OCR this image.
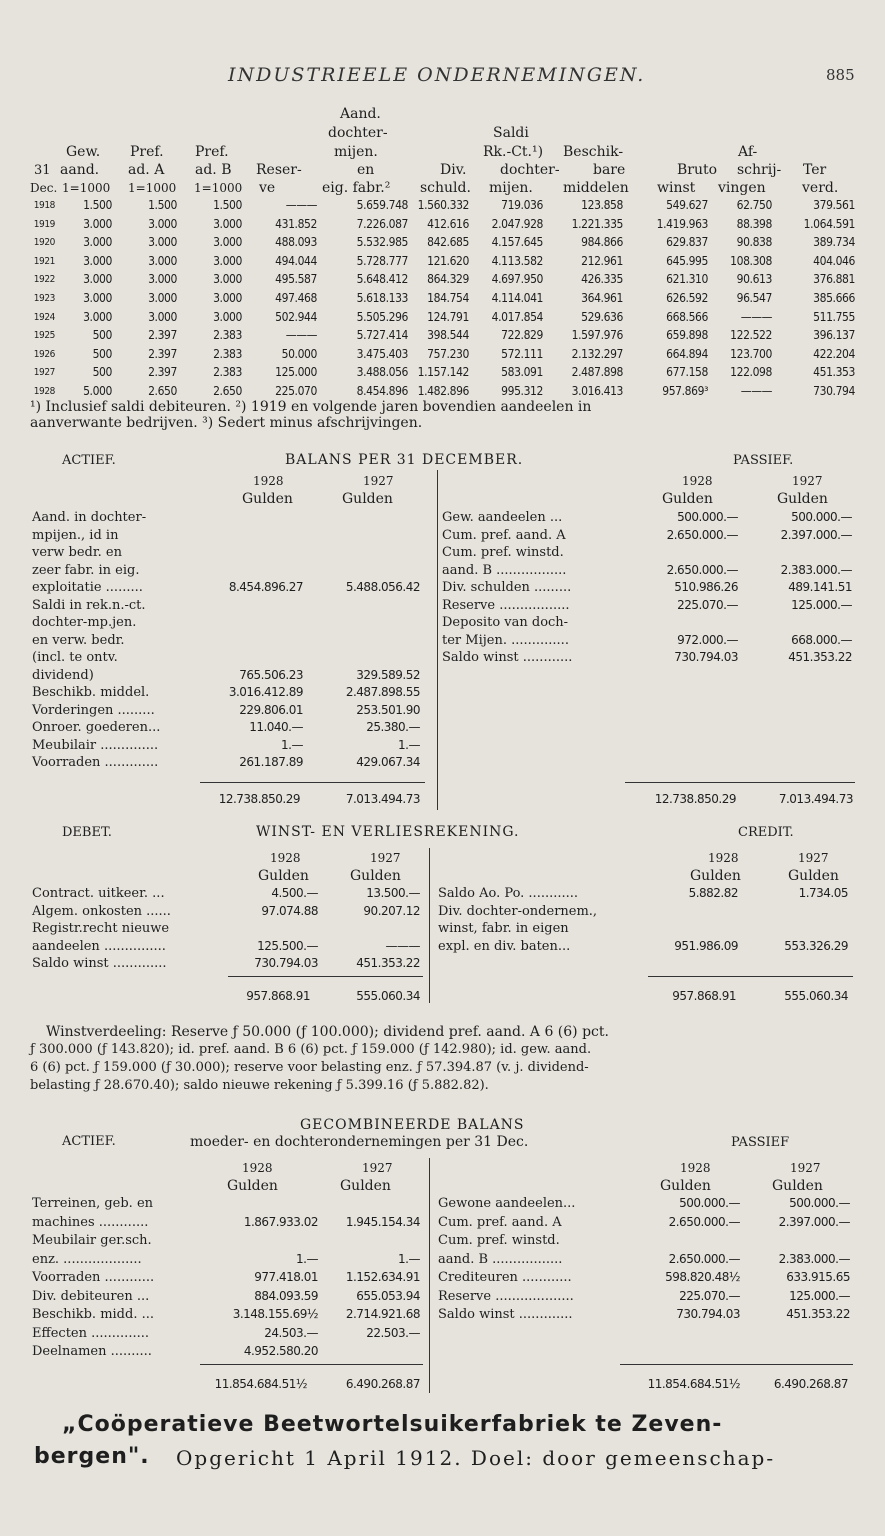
INDUSTRIEELE ONDERNEMINGEN.	885
Aand.
dochter-	Saldi
Gew. Pref. Pref.	mijen.	Rk.-Ct.¹) Beschik-	Af-
31 aand. ad. A ad. B Reser-	en	Div. dochter- bare	Bruto schrij- Ter
Dec. 1=1000 1=1000 1=1000 ve	eig. fabr.² schuld. mijen. middelen winst vingen	verd.
1918	1.500	1.500	1.500	———	5.659.748 1.560.332	719.036	123.858	549.627	62.750	379.561
1919	3.000	3.000	3.000	431.852	7.226.087	412.616	2.047.928	1.221.335	1.419.963	88.398	1.064.591
1920	3.000	3.000	3.000	488.093	5.532.985	842.685	4.157.645	984.866	629.837	90.838	389.734
1921	3.000	3.000	3.000	494.044	5.728.777	121.620	4.113.582	212.961	645.995	108.308	404.046
1922	3.000	3.000	3.000	495.587	5.648.412	864.329	4.697.950	426.335	621.310	90.613	376.881
1923	3.000	3.000	3.000	497.468	5.618.133	184.754	4.114.041	364.961	626.592	96.547	385.666
1924	3.000	3.000	3.000	502.944	5.505.296	124.791	4.017.854	529.636	668.566	———	511.755
1925	500	2.397	2.383	———	5.727.414	398.544	722.829	1.597.976	659.898	122.522	396.137
1926	500	2.397	2.383	50.000	3.475.403	757.230	572.111	2.132.297	664.894	123.700	422.204
1927	500	2.397	2.383	125.000	3.488.056 1.157.142	583.091	2.487.898	677.158	122.098	451.353
1928	5.000	2.650	2.650	225.070	8.454.896 1.482.896	995.312	3.016.413	957.869³	———	730.794
¹) Inclusief saldi debiteuren. ²) 1919 en volgende jaren bovendien aandeelen in
aanverwante bedrijven. ³) Sedert minus afschrijvingen.
ACTIEF.	BALANS PER 31 DECEMBER.	PASSIEF.
1928	1927
Gulden	Gulden
1928	1927
Gulden	Gulden
Aand. in dochter-
mpijen., id in
verw bedr. en
zeer fabr. in eig.
exploitatie .........	8.454.896.27	5.488.056.42
Saldi in rek.n.-ct.
dochter-mp.jen.
en verw. bedr.
(incl. te ontv.
dividend)	765.506.23	329.589.52
Beschikb. middel.	3.016.412.89	2.487.898.55
Vorderingen .........	229.806.01	253.501.90
Onroer. goederen...	11.040.—	25.380.—
Meubilair ..............	1.—	1.—
Voorraden .............	261.187.89	429.067.34
Gew. aandeelen ...	500.000.—	500.000.—
Cum. pref. aand. A	2.650.000.—	2.397.000.—
Cum. pref. winstd.
aand. B .................	2.650.000.—	2.383.000.—
Div. schulden .........	510.986.26	489.141.51
Reserve .................	225.070.—	125.000.—
Deposito van doch-
ter Mijen. ..............	972.000.—	668.000.—
Saldo winst ............	730.794.03	451.353.22
12.738.850.29	7.013.494.73	12.738.850.29	7.013.494.73
DEBET.	WINST- EN VERLIESREKENING.	CREDIT.
1928	1927
Gulden	Gulden
1928	1927
Gulden	Gulden
Contract. uitkeer. ...	4.500.—	13.500.—
Algem. onkosten ......	97.074.88	90.207.12
Registr.recht nieuwe
aandeelen ...............	125.500.—	———
Saldo winst .............	730.794.03	451.353.22
Saldo Ao. Po. ............	5.882.82	1.734.05
Div. dochter-ondernem.,
winst, fabr. in eigen
expl. en div. baten...	951.986.09	553.326.29
957.868.91	555.060.34	957.868.91	555.060.34
Winstverdeeling: Reserve ƒ 50.000 (ƒ 100.000); dividend pref. aand. A 6 (6) pct.
ƒ 300.000 (ƒ 143.820); id. pref. aand. B 6 (6) pct. ƒ 159.000 (ƒ 142.980); id. gew. aand.
6 (6) pct. ƒ 159.000 (ƒ 30.000); reserve voor belasting enz. ƒ 57.394.87 (v. j. dividend-
belasting ƒ 28.670.40); saldo nieuwe rekening ƒ 5.399.16 (ƒ 5.882.82).
GECOMBINEERDE BALANS
ACTIEF.	moeder- en dochterondernemingen per 31 Dec.	PASSIEF
1928	1927
Gulden	Gulden
1928	1927
Gulden	Gulden
Terreinen, geb. en
machines ............	1.867.933.02	1.945.154.34
Meubilair ger.sch.
enz. ...................	1.—	1.—
Voorraden ............	977.418.01	1.152.634.91
Div. debiteuren ...	884.093.59	655.053.94
Beschikb. midd. ...	3.148.155.69½	2.714.921.68
Effecten ..............	24.503.—	22.503.—
Deelnamen ..........	4.952.580.20
Gewone aandeelen...	500.000.—	500.000.—
Cum. pref. aand. A	2.650.000.—	2.397.000.—
Cum. pref. winstd.
aand. B .................	2.650.000.—	2.383.000.—
Crediteuren ............	598.820.48½	633.915.65
Reserve ...................	225.070.—	125.000.—
Saldo winst .............	730.794.03	451.353.22
11.854.684.51½	6.490.268.87	11.854.684.51½	6.490.268.87
„Coöperatieve Beetwortelsuikerfabriek te Zeven-
bergen". Opgericht 1 April 1912. Doel: door gemeenschap-
